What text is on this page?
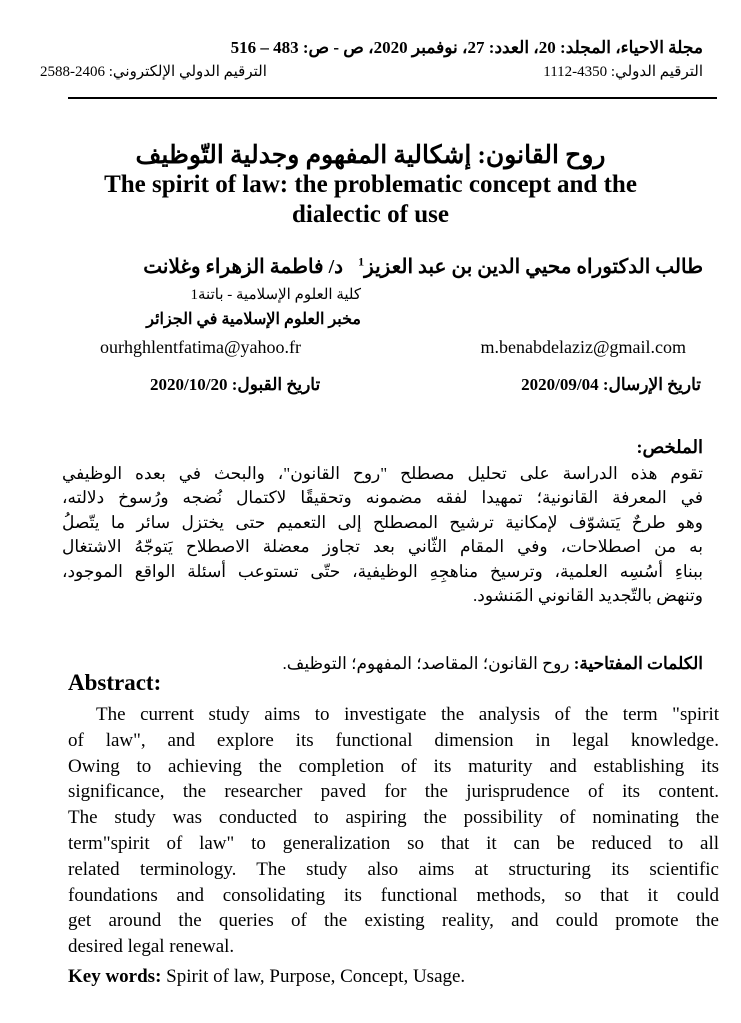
مجلة الاحياء، المجلد: 20، العدد: 27، نوفمبر 2020، ص - ص: 483 – 516
الترقيم الدولي: 4350-1112
الترقيم الدولي الإلكتروني: 2406-2588
روح القانون: إشكالية المفهوم وجدلية التّوظيف
The spirit of law: the problematic concept and the
dialectic of use
طالب الدكتوراه محيي الدين بن عبد العزيز$^1$   د/ فاطمة الزهراء وغلانت
كلية العلوم الإسلامية - باتنة1
مخبر العلوم الإسلامية في الجزائر
ourhghlentfatima@yahoo.fr	m.benabdelaziz@gmail.com
تاريخ الإرسال: 2020/09/04
تاريخ القبول: 2020/10/20
الملخص:
تقوم هذه الدراسة على تحليل مصطلح "روح القانون"، والبحث في بعده الوظيفي
في المعرفة القانونية؛ تمهيدا لفقه مضمونه وتحقيقًا لاكتمال نُضجه ورُسوخ دلالته،
وهو طرحٌ يَتشوّف لإمكانية ترشيح المصطلح إلى التعميم حتى يختزل سائر ما يتّصلُ
به من اصطلاحات، وفي المقام الثّاني بعد تجاوز معضلة الاصطلاح يَتوجّهُ الاشتغال
ببناءِ أسُسِه العلمية، وترسيخ مناهجِهِ الوظيفية، حتّى تستوعب أسئلة الواقع الموجود،
وتنهض بالتّجديد القانوني المَنشود.
الكلمات المفتاحية: روح القانون؛ المقاصد؛ المفهوم؛ التوظيف.
Abstract:
The current study aims to investigate the analysis of the term "spirit
of law", and explore its functional dimension in legal knowledge.
Owing to achieving the completion of its maturity and establishing its
significance, the researcher paved for the jurisprudence of its content.
The study was conducted to aspiring the possibility of nominating the
term"spirit of law" to generalization so that it can be reduced to all
related terminology. The study also aims at structuring its scientific
foundations and consolidating its functional methods, so that it could
get around the queries of the existing reality, and could promote the
desired legal renewal.
Key words: Spirit of law, Purpose, Concept, Usage.
